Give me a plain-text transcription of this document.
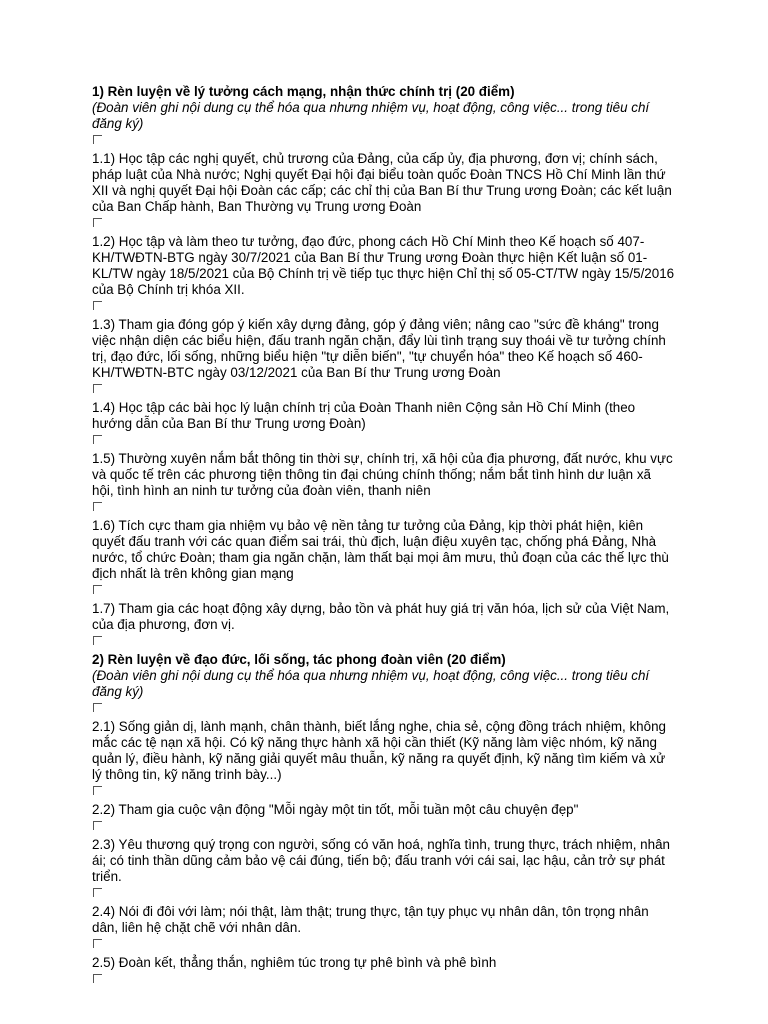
1) Rèn luyện về lý tưởng cách mạng, nhận thức chính trị (20 điểm)

(Đoàn viên ghi nội dung cụ thể hóa qua nhưng nhiệm vụ, hoạt động, công việc... trong tiêu chí đăng ký)

1.1) Học tập các nghị quyết, chủ trương của Đảng, của cấp ủy, địa phương, đơn vị; chính sách, pháp luật của Nhà nước; Nghị quyết Đại hội đại biểu toàn quốc Đoàn TNCS Hồ Chí Minh lần thứ XII và nghị quyết Đại hội Đoàn các cấp; các chỉ thị của Ban Bí thư Trung ương Đoàn; các kết luận của Ban Chấp hành, Ban Thường vụ Trung ương Đoàn

1.2) Học tập và làm theo tư tưởng, đạo đức, phong cách Hồ Chí Minh theo Kế hoạch số 407-KH/TWĐTN-BTG ngày 30/7/2021 của Ban Bí thư Trung ương Đoàn thực hiện Kết luận số 01-KL/TW ngày 18/5/2021 của Bộ Chính trị về tiếp tục thực hiện Chỉ thị số 05-CT/TW ngày 15/5/2016 của Bộ Chính trị khóa XII.

1.3) Tham gia đóng góp ý kiến xây dựng đảng, góp ý đảng viên; nâng cao "sức đề kháng" trong việc nhận diện các biểu hiện, đấu tranh ngăn chặn, đẩy lùi tình trạng suy thoái về tư tưởng chính trị, đạo đức, lối sống, những biểu hiện "tự diễn biến", "tự chuyển hóa" theo Kế hoạch số 460-KH/TWĐTN-BTC ngày 03/12/2021 của Ban Bí thư Trung ương Đoàn

1.4) Học tập các bài học lý luận chính trị của Đoàn Thanh niên Cộng sản Hồ Chí Minh (theo hướng dẫn của Ban Bí thư Trung ương Đoàn)

1.5) Thường xuyên nắm bắt thông tin thời sự, chính trị, xã hội của địa phương, đất nước, khu vực và quốc tế trên các phương tiện thông tin đại chúng chính thống; nắm bắt tình hình dư luận xã hội, tình hình an ninh tư tưởng của đoàn viên, thanh niên

1.6) Tích cực tham gia nhiệm vụ bảo vệ nền tảng tư tưởng của Đảng, kịp thời phát hiện, kiên quyết đấu tranh với các quan điểm sai trái, thù địch, luận điệu xuyên tạc, chống phá Đảng, Nhà nước, tổ chức Đoàn; tham gia ngăn chặn, làm thất bại mọi âm mưu, thủ đoạn của các thế lực thù địch nhất là trên không gian mạng

1.7) Tham gia các hoạt động xây dựng, bảo tồn và phát huy giá trị văn hóa, lịch sử của Việt Nam, của địa phương, đơn vị.

2) Rèn luyện về đạo đức, lối sống, tác phong đoàn viên (20 điểm)

(Đoàn viên ghi nội dung cụ thể hóa qua nhưng nhiệm vụ, hoạt động, công việc... trong tiêu chí đăng ký)

2.1) Sống giản dị, lành mạnh, chân thành, biết lắng nghe, chia sẻ, cộng đồng trách nhiệm, không mắc các tệ nạn xã hội. Có kỹ năng thực hành xã hội cần thiết (Kỹ năng làm việc nhóm, kỹ năng quản lý, điều hành, kỹ năng giải quyết mâu thuẫn, kỹ năng ra quyết định, kỹ năng tìm kiếm và xử lý thông tin, kỹ năng trình bày...)

2.2) Tham gia cuộc vận động "Mỗi ngày một tin tốt, mỗi tuần một câu chuyện đẹp"

2.3) Yêu thương quý trọng con người, sống có văn hoá, nghĩa tình, trung thực, trách nhiệm, nhân ái; có tinh thần dũng cảm bảo vệ cái đúng, tiến bộ; đấu tranh với cái sai, lạc hậu, cản trở sự phát triển.

2.4) Nói đi đôi với làm; nói thật, làm thật; trung thực, tận tụy phục vụ nhân dân, tôn trọng nhân dân, liên hệ chặt chẽ với nhân dân.

2.5) Đoàn kết, thẳng thắn, nghiêm túc trong tự phê bình và phê bình
